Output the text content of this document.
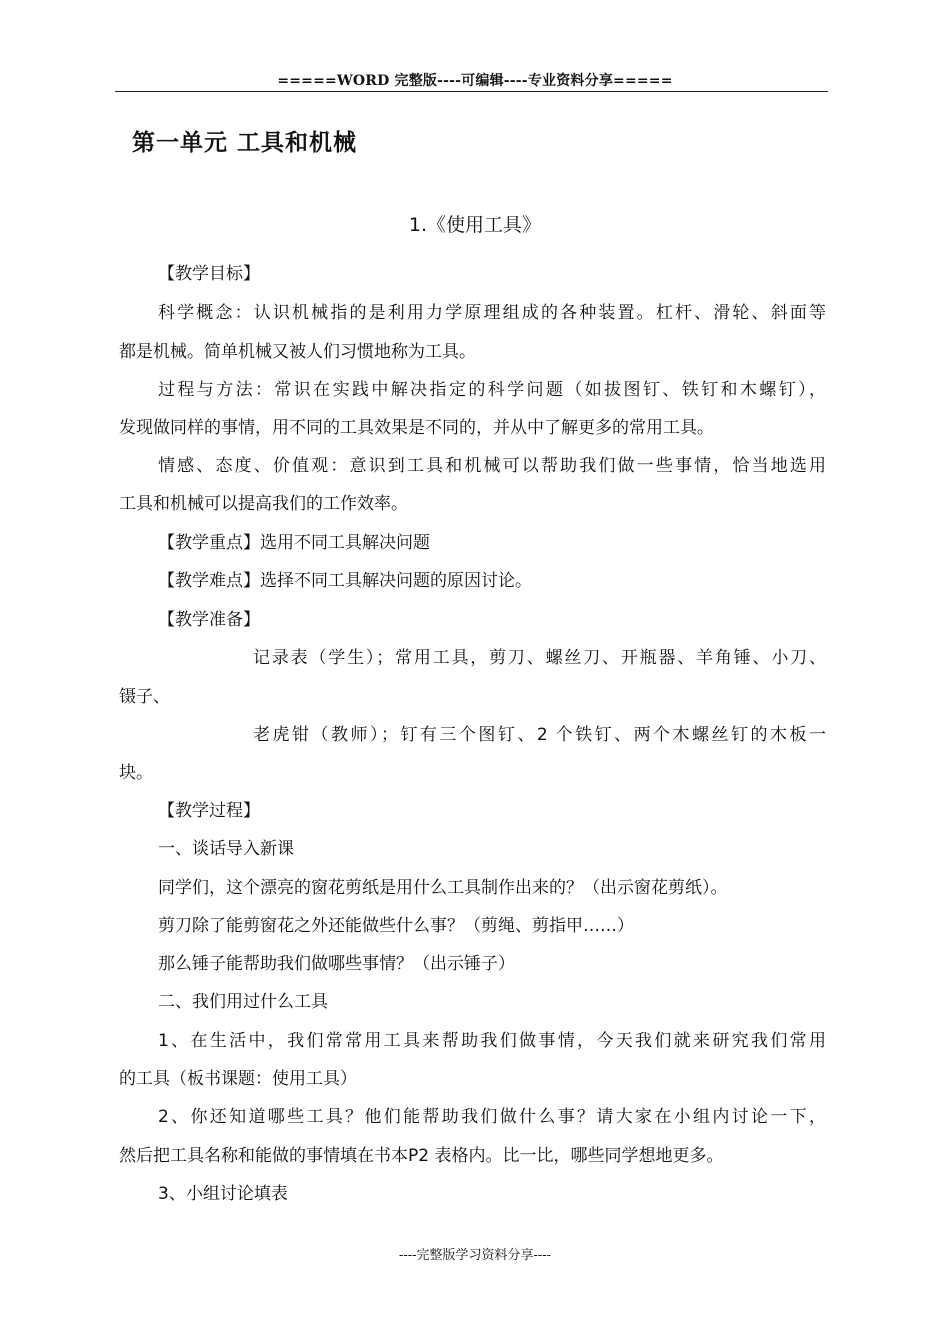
=====WORD 完整版----可编辑----专业资料分享=====
第一单元 工具和机械
1.《使用工具》
【教学目标】
科学概念：认识机械指的是利用力学原理组成的各种装置。杠杆、滑轮、斜面等
都是机械。简单机械又被人们习惯地称为工具。
过程与方法：常识在实践中解决指定的科学问题（如拔图钉、铁钉和木螺钉），
发现做同样的事情，用不同的工具效果是不同的，并从中了解更多的常用工具。
情感、态度、价值观：意识到工具和机械可以帮助我们做一些事情，恰当地选用
工具和机械可以提高我们的工作效率。
【教学重点】选用不同工具解决问题
【教学难点】选择不同工具解决问题的原因讨论。
【教学准备】
记录表（学生）；常用工具，剪刀、螺丝刀、开瓶器、羊角锤、小刀、
镊子、
老虎钳（教师）；钉有三个图钉、2 个铁钉、两个木螺丝钉的木板一
块。
【教学过程】
一、谈话导入新课
同学们，这个漂亮的窗花剪纸是用什么工具制作出来的？（出示窗花剪纸）。
剪刀除了能剪窗花之外还能做些什么事？（剪绳、剪指甲……）
那么锤子能帮助我们做哪些事情？（出示锤子）
二、我们用过什么工具
1、在生活中，我们常常用工具来帮助我们做事情，今天我们就来研究我们常用
的工具（板书课题：使用工具）
2、你还知道哪些工具？他们能帮助我们做什么事？请大家在小组内讨论一下，
然后把工具名称和能做的事情填在书本P2 表格内。比一比，哪些同学想地更多。
3、小组讨论填表
----完整版学习资料分享----
